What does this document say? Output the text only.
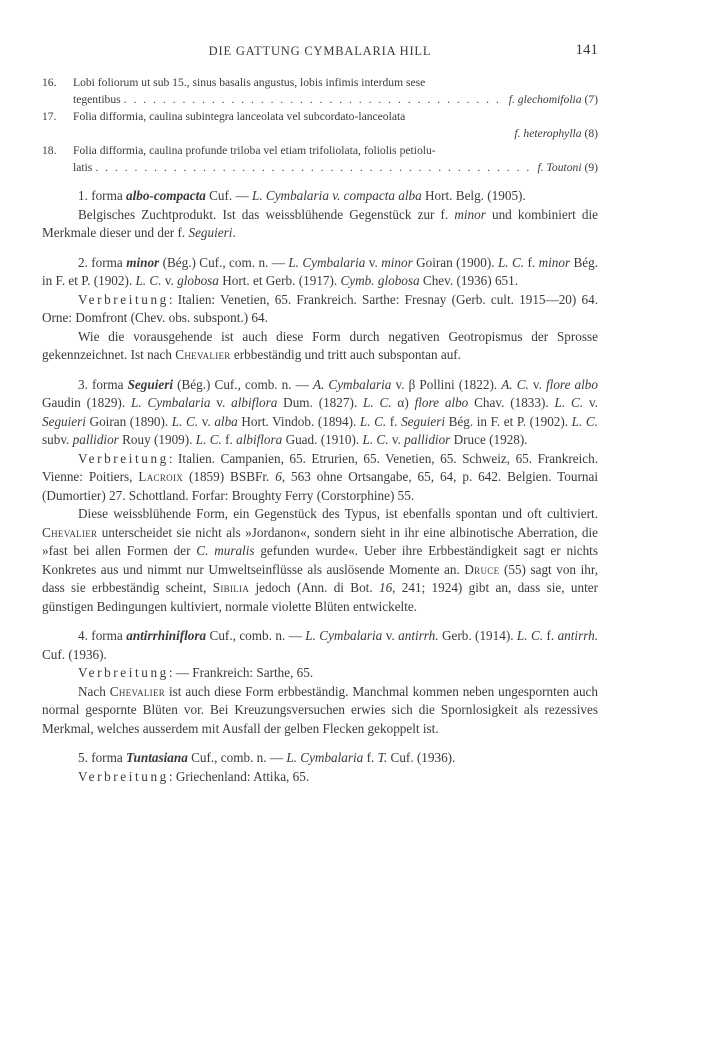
DIE GATTUNG CYMBALARIA HILL	141
16. Lobi foliorum ut sub 15., sinus basalis angustus, lobis infimis interdum sese
tegentibus . . .	f. glechomifolia (7)
17. Folia difformia, caulina subintegra lanceolata vel subcordato-lanceolata
f. heterophylla (8)
18. Folia difformia, caulina profunde triloba vel etiam trifoliolata, foliolis petiolu-
latis . . .	f. Toutoni (9)

1. forma albo-compacta Cuf. — L. Cymbalaria v. compacta alba Hort. Belg. (1905).

Belgisches Zuchtprodukt. Ist das weissblühende Gegenstück zur f. minor und kombiniert die Merkmale dieser und der f. Seguieri.

2. forma minor (Bég.) Cuf., com. n. — L. Cymbalaria v. minor Goiran (1900). L. C. f. minor Bég. in F. et P. (1902). L. C. v. globosa Hort. et Gerb. (1917). Cymb. globosa Chev. (1936) 651.

Verbreitung: Italien: Venetien, 65. Frankreich. Sarthe: Fresnay (Gerb. cult. 1915—20) 64. Orne: Domfront (Chev. obs. subspont.) 64.

Wie die vorausgehende ist auch diese Form durch negativen Geotropismus der Sprosse gekennzeichnet. Ist nach Chevalier erbbeständig und tritt auch subspontan auf.

3. forma Seguieri (Bég.) Cuf., comb. n. — A. Cymbalaria v. β Pollini (1822). A. C. v. flore albo Gaudin (1829). L. Cymbalaria v. albiflora Dum. (1827). L. C. α) flore albo Chav. (1833). L. C. v. Seguieri Goiran (1890). L. C. v. alba Hort. Vindob. (1894). L. C. f. Seguieri Bég. in F. et P. (1902). L. C. subv. pallidior Rouy (1909). L. C. f. albiflora Guad. (1910). L. C. v. pallidior Druce (1928).

Verbreitung: Italien. Campanien, 65. Etrurien, 65. Venetien, 65. Schweiz, 65. Frankreich. Vienne: Poitiers, Lacroix (1859) BSBFr. 6, 563 ohne Ortsangabe, 65, 64, p. 642. Belgien. Tournai (Dumortier) 27. Schottland. Forfar: Broughty Ferry (Corstorphine) 55.

Diese weissblühende Form, ein Gegenstück des Typus, ist ebenfalls spontan und oft cultiviert. Chevalier unterscheidet sie nicht als »Jordanon«, sondern sieht in ihr eine albinotische Aberration, die »fast bei allen Formen der C. muralis gefunden wurde«. Ueber ihre Erbbeständigkeit sagt er nichts Konkretes aus und nimmt nur Umweltseinflüsse als auslösende Momente an. Druce (55) sagt von ihr, dass sie erbbeständig scheint, Sibilia jedoch (Ann. di Bot. 16, 241; 1924) gibt an, dass sie, unter günstigen Bedingungen kultiviert, normale violette Blüten entwickelte.

4. forma antirrhiniflora Cuf., comb. n. — L. Cymbalaria v. antirrh. Gerb. (1914). L. C. f. antirrh. Cuf. (1936).

Verbreitung: — Frankreich: Sarthe, 65.

Nach Chevalier ist auch diese Form erbbeständig. Manchmal kommen neben ungespornten auch normal gespornte Blüten vor. Bei Kreuzungsversuchen erwies sich die Spornlosigkeit als rezessives Merkmal, welches ausserdem mit Ausfall der gelben Flecken gekoppelt ist.

5. forma Tuntasiana Cuf., comb. n. — L. Cymbalaria f. T. Cuf. (1936).

Verbreitung: Griechenland: Attika, 65.
